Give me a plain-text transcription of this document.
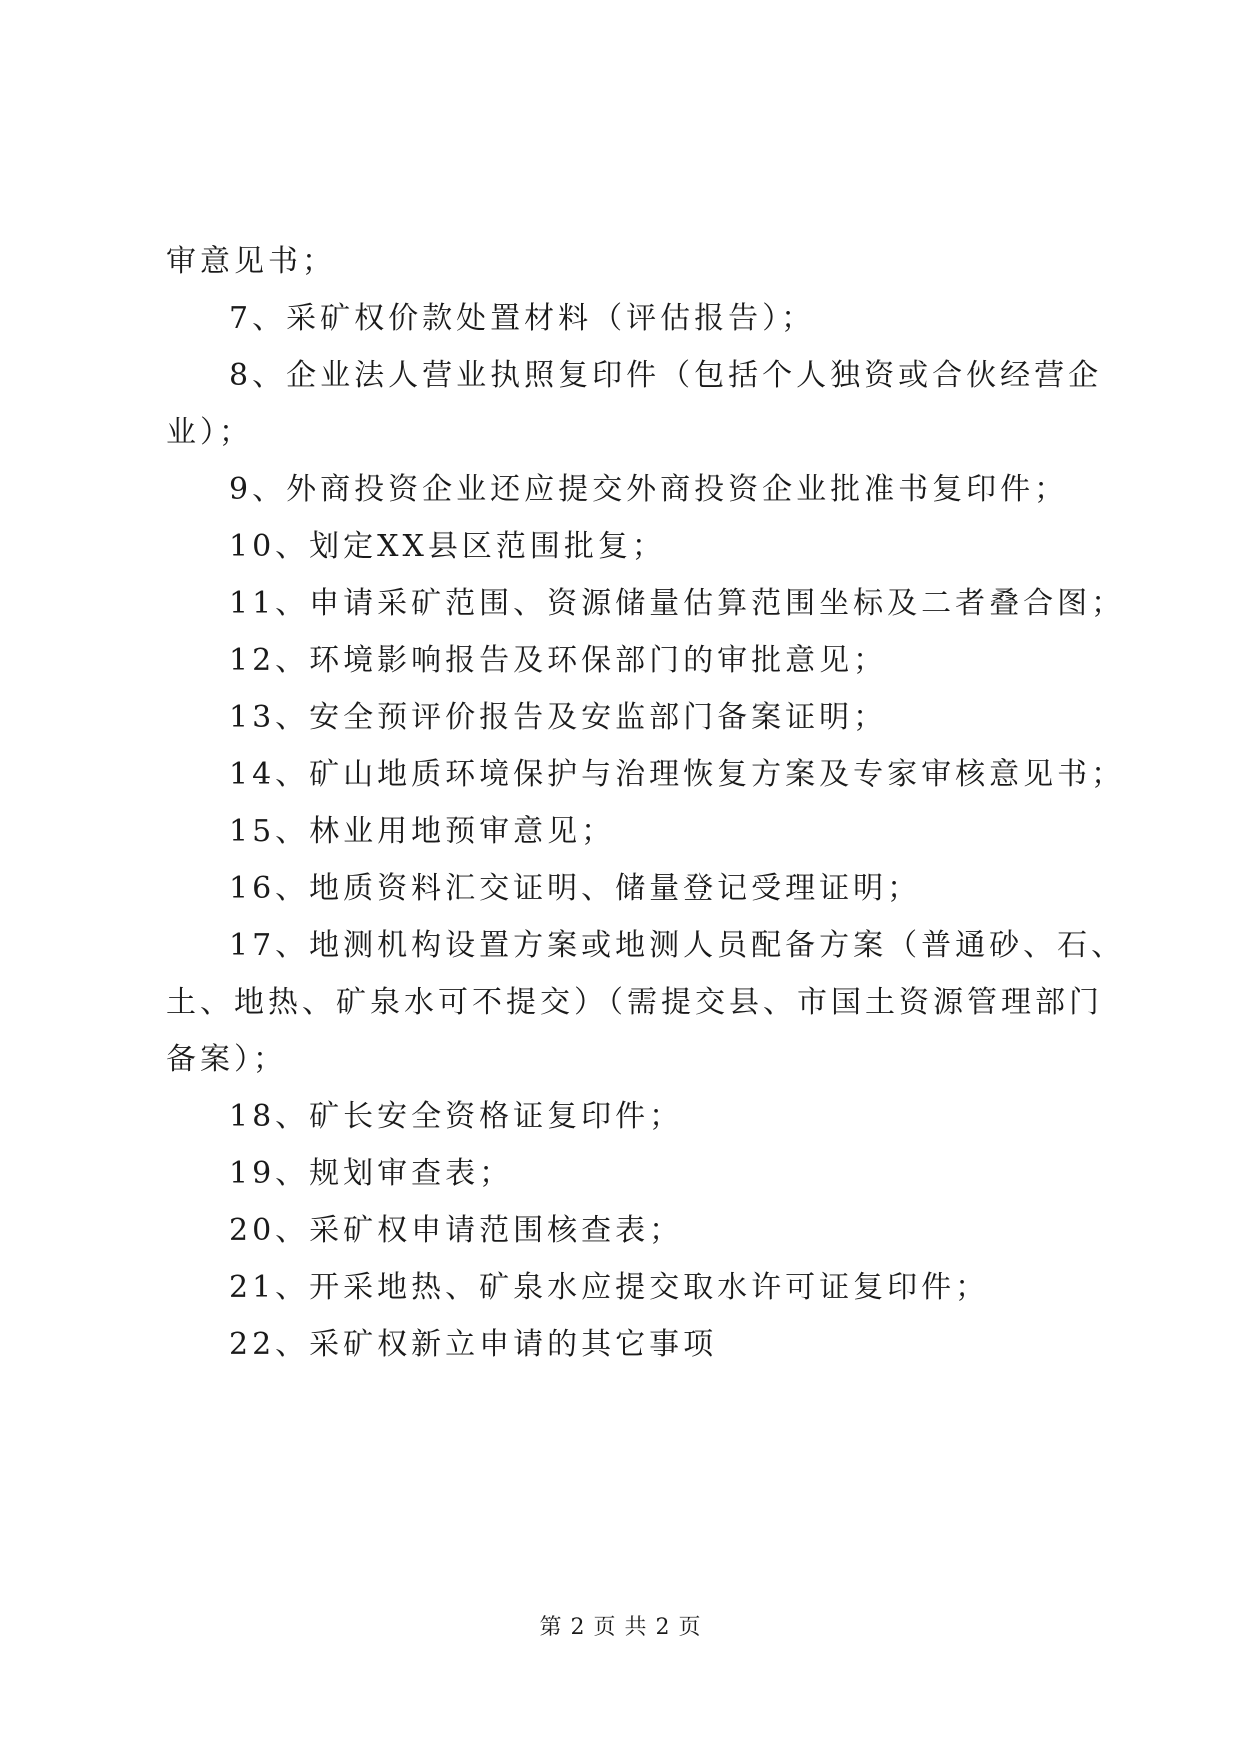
审意见书；
7、采矿权价款处置材料（评估报告）；
8、企业法人营业执照复印件（包括个人独资或合伙经营企
业）；
9、外商投资企业还应提交外商投资企业批准书复印件；
10、划定XX县区范围批复；
11、申请采矿范围、资源储量估算范围坐标及二者叠合图；
12、环境影响报告及环保部门的审批意见；
13、安全预评价报告及安监部门备案证明；
14、矿山地质环境保护与治理恢复方案及专家审核意见书；
15、林业用地预审意见；
16、地质资料汇交证明、储量登记受理证明；
17、地测机构设置方案或地测人员配备方案（普通砂、石、
土、地热、矿泉水可不提交）（需提交县、市国土资源管理部门
备案）；
18、矿长安全资格证复印件；
19、规划审查表；
20、采矿权申请范围核查表；
21、开采地热、矿泉水应提交取水许可证复印件；
22、采矿权新立申请的其它事项
第 2 页 共 2 页
